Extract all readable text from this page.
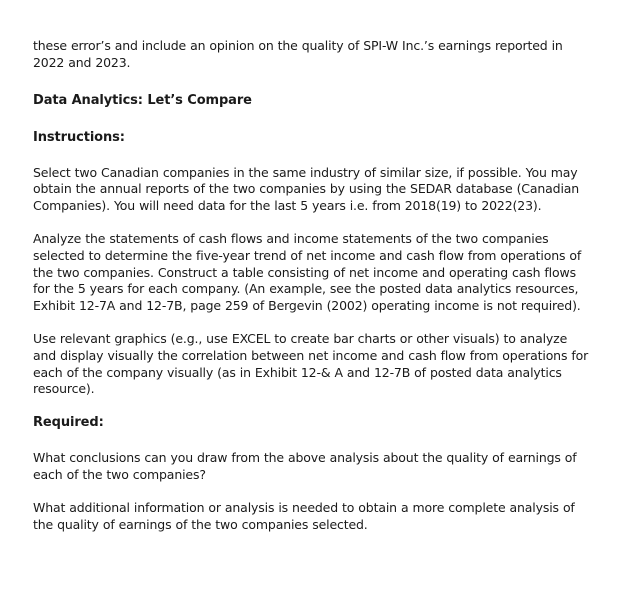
these error’s and include an opinion on the quality of SPI-W Inc.’s earnings reported in 2022 and 2023.

Data Analytics: Let’s Compare

Instructions:

Select two Canadian companies in the same industry of similar size, if possible. You may obtain the annual reports of the two companies by using the SEDAR database (Canadian Companies). You will need data for the last 5 years i.e. from 2018(19) to 2022(23).

Analyze the statements of cash flows and income statements of the two companies selected to determine the five-year trend of net income and cash flow from operations of the two companies. Construct a table consisting of net income and operating cash flows for the 5 years for each company. (An example, see the posted data analytics resources, Exhibit 12-7A and 12-7B, page 259 of Bergevin (2002) operating income is not required).

Use relevant graphics (e.g., use EXCEL to create bar charts or other visuals) to analyze and display visually the correlation between net income and cash flow from operations for each of the company visually (as in Exhibit 12-& A and 12-7B of posted data analytics resource).

Required:

What conclusions can you draw from the above analysis about the quality of earnings of each of the two companies?

What additional information or analysis is needed to obtain a more complete analysis of the quality of earnings of the two companies selected.
